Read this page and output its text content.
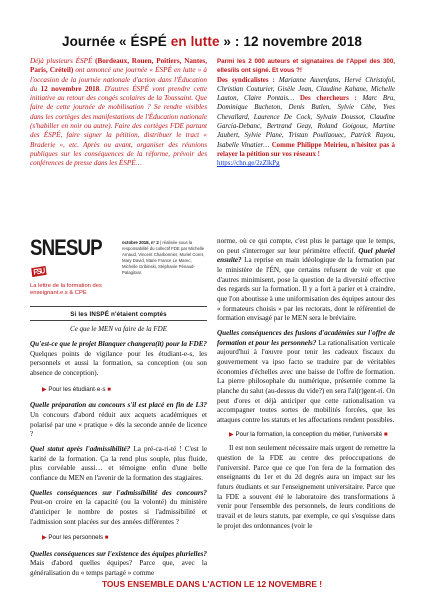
Journée « ÉSPÉ en lutte » : 12 novembre 2018
Déjà plusieurs ÉSPÉ (Bordeaux, Rouen, Poitiers, Nantes, Paris, Créteil) ont annoncé une journée « ÉSPÉ en lutte » à l'occasion de la journée nationale d'action dans l'Éducation du 12 novembre 2018. D'autres ÉSPÉ vont prendre cette initiative au retour des congés scolaires de la Toussaint. Que faire de cette journée de mobilisation ? Se rendre visibles dans les cortèges des manifestations de l'Éducation nationale (s'habiller en noir ou autre). Faire des cortèges FDE partant des ÉSPÉ, faire signer la pétition, distribuer le tract « Braderie », etc. Après ou avant, organiser des réunions publiques sur les conséquences de la réforme, prévoir des conférences de presse dans les ÉSPÉ…
Parmi les 2 000 auteurs et signataires de l'Appel des 300, elles/ils ont signé. Et vous ?!
Des syndicalistes : Marianne Auxenfans, Hervé Christofol, Christian Couturier, Gisèle Jean, Claudine Kahane, Michelle Lauton, Claire Pontais… Des chercheurs : Marc Bru, Dominique Bucheton, Denis Butlen, Sylvie Cèbe, Yves Chevallard, Laurence De Cock, Sylvain Doussot, Claudine Garcia-Debanc, Bertrand Geay, Roland Goigoux, Martine Jaubert, Sylvie Plane, Tristan Poullaouec, Patrick Rayou, Isabelle Vinatier… Comme Philippe Meirieu, n'hésitez pas à relayer la pétition sur vos réseaux !
https://chn.ge/2zZlkPg
SNESUPFSU
La lettre de la formation des enseignant.e.s & CPE
octobre 2018, n° 2 | réalisée sous la responsabilité du collectif FDE par Michelle Arnaud, Vincent Charbonnier, Muriel Coret, Mary David, Marie France Le Marec, Michelle Gribinski, Stéphanie Pénaud-Palagitxar.
Si les INSPÉ n'étaient comptés
Ce que le MEN va faire de la FDE

Qu'est-ce que le projet Blanquer changera(it) pour la FDE? Quelques points de vigilance pour les étudiant-e-s, les personnels et aussi la formation, sa conception (ou son absence de conception).

▶ Pour les étudiant·e·s ■

Quelle préparation au concours s'il est placé en fin de L3? Un concours d'abord réduit aux acquets académiques et polarisé par une « pratique » dès la seconde année de licence ?

Quel statut après l'admissibilité? La pré-ca-ri-té ! C'est le karité de la formation. Ça la rend plus souple, plus fluide, plus corvéable aussi… et témoigne enfin d'une belle confiance du MEN en l'avenir de la formation des stagiaires.

Quelles conséquences sur l'admissibilité des concours? Peut-on croire en la capacité (ou la volonté) du ministère d'anticiper le nombre de postes si l'admissibilité et l'admission sont placées sur des années différentes ?

▶ Pour les personnels ■

Quelles conséquences sur l'existence des équipes plurielles? Mais d'abord quelles équipes? Parce que, avec la généralisation du « temps partagé » comme

norme, où ce qui compte, c'est plus le partage que le temps, on peut s'interroger sur leur périmètre effectif. Quel pluriel ensuite? La reprise en main idéologique de la formation par le ministère de l'ÉN, que certains refusent de voir et que d'autres minimisent, pose la question de la diversité effective des regards sur la formation. Il y a fort à parier et à craindre, que l'on aboutisse à une uniformisation des équipes autour des « formateurs choisis » par les rectorats, dont le référentiel de formation envisagé par le MEN sera le bréviaire.

Quelles conséquences des fusions d'académies sur l'offre de formation et pour les personnels? La rationalisation verticale aujourd'hui à l'œuvre pour tenir les cadeaux fiscaux du gouvernement va ipso facto se traduire par de véritables économies d'échelles avec une baisse de l'offre de formation. La pierre philosophale du numérique, présentée comme la planche du salut (au-dessus du vide?) en sera l'al(r)gent-ri. On peut d'ores et déjà anticiper que cette rationalisation va accompagner toutes sortes de mobilités forcées, que les attaques contre les statuts et les affectations rendent possibles.

▶ Pour la formation, la conception du métier, l'université ■

Il est non seulement nécessaire mais urgent de remettre la question de la FDE au centre des préoccupations de l'université. Parce que ce que l'on fera de la formation des enseignants du 1er et du 2d degrés aura un impact sur les futurs étudiants et sur l'enseignement universitaire. Parce que la FDE a souvent été le laboratoire des transformations à venir pour l'ensemble des personnels, de leurs conditions de travail et de leurs statuts, par exemple, ce qui s'esquisse dans le projet des ordonnances (voir le

TOUS ENSEMBLE DANS L'ACTION LE 12 NOVEMBRE !
